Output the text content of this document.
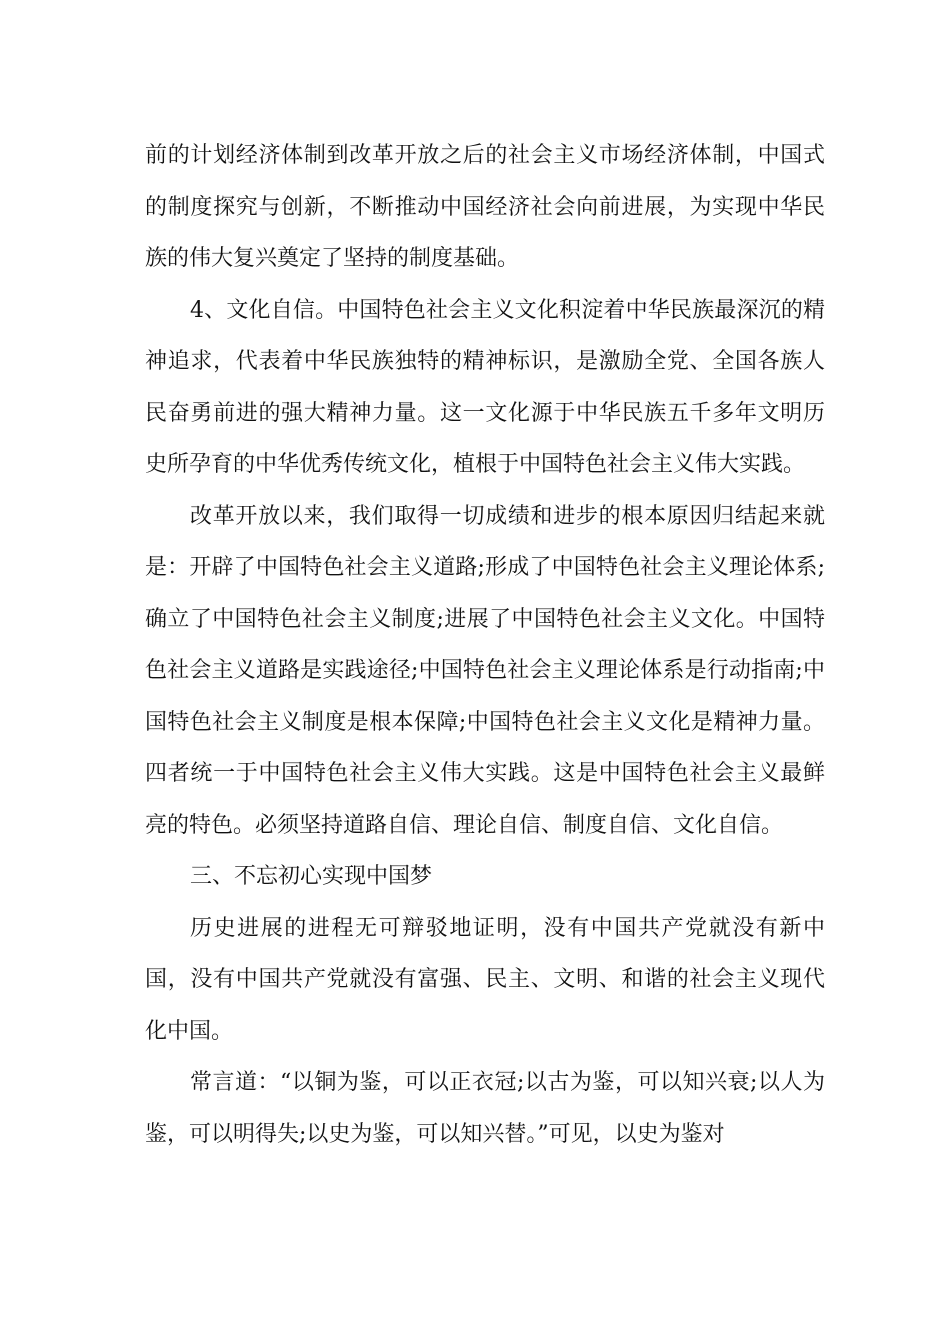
前的计划经济体制到改革开放之后的社会主义市场经济体制，中国式的制度探究与创新，不断推动中国经济社会向前进展，为实现中华民族的伟大复兴奠定了坚持的制度基础。

4、文化自信。中国特色社会主义文化积淀着中华民族最深沉的精神追求，代表着中华民族独特的精神标识，是激励全党、全国各族人民奋勇前进的强大精神力量。这一文化源于中华民族五千多年文明历史所孕育的中华优秀传统文化，植根于中国特色社会主义伟大实践。

改革开放以来，我们取得一切成绩和进步的根本原因归结起来就是：开辟了中国特色社会主义道路;形成了中国特色社会主义理论体系;确立了中国特色社会主义制度;进展了中国特色社会主义文化。中国特色社会主义道路是实践途径;中国特色社会主义理论体系是行动指南;中国特色社会主义制度是根本保障;中国特色社会主义文化是精神力量。四者统一于中国特色社会主义伟大实践。这是中国特色社会主义最鲜亮的特色。必须坚持道路自信、理论自信、制度自信、文化自信。

三、不忘初心实现中国梦

历史进展的进程无可辩驳地证明，没有中国共产党就没有新中国，没有中国共产党就没有富强、民主、文明、和谐的社会主义现代化中国。

常言道：“以铜为鉴，可以正衣冠;以古为鉴，可以知兴衰;以人为鉴，可以明得失;以史为鉴，可以知兴替。”可见，以史为鉴对
